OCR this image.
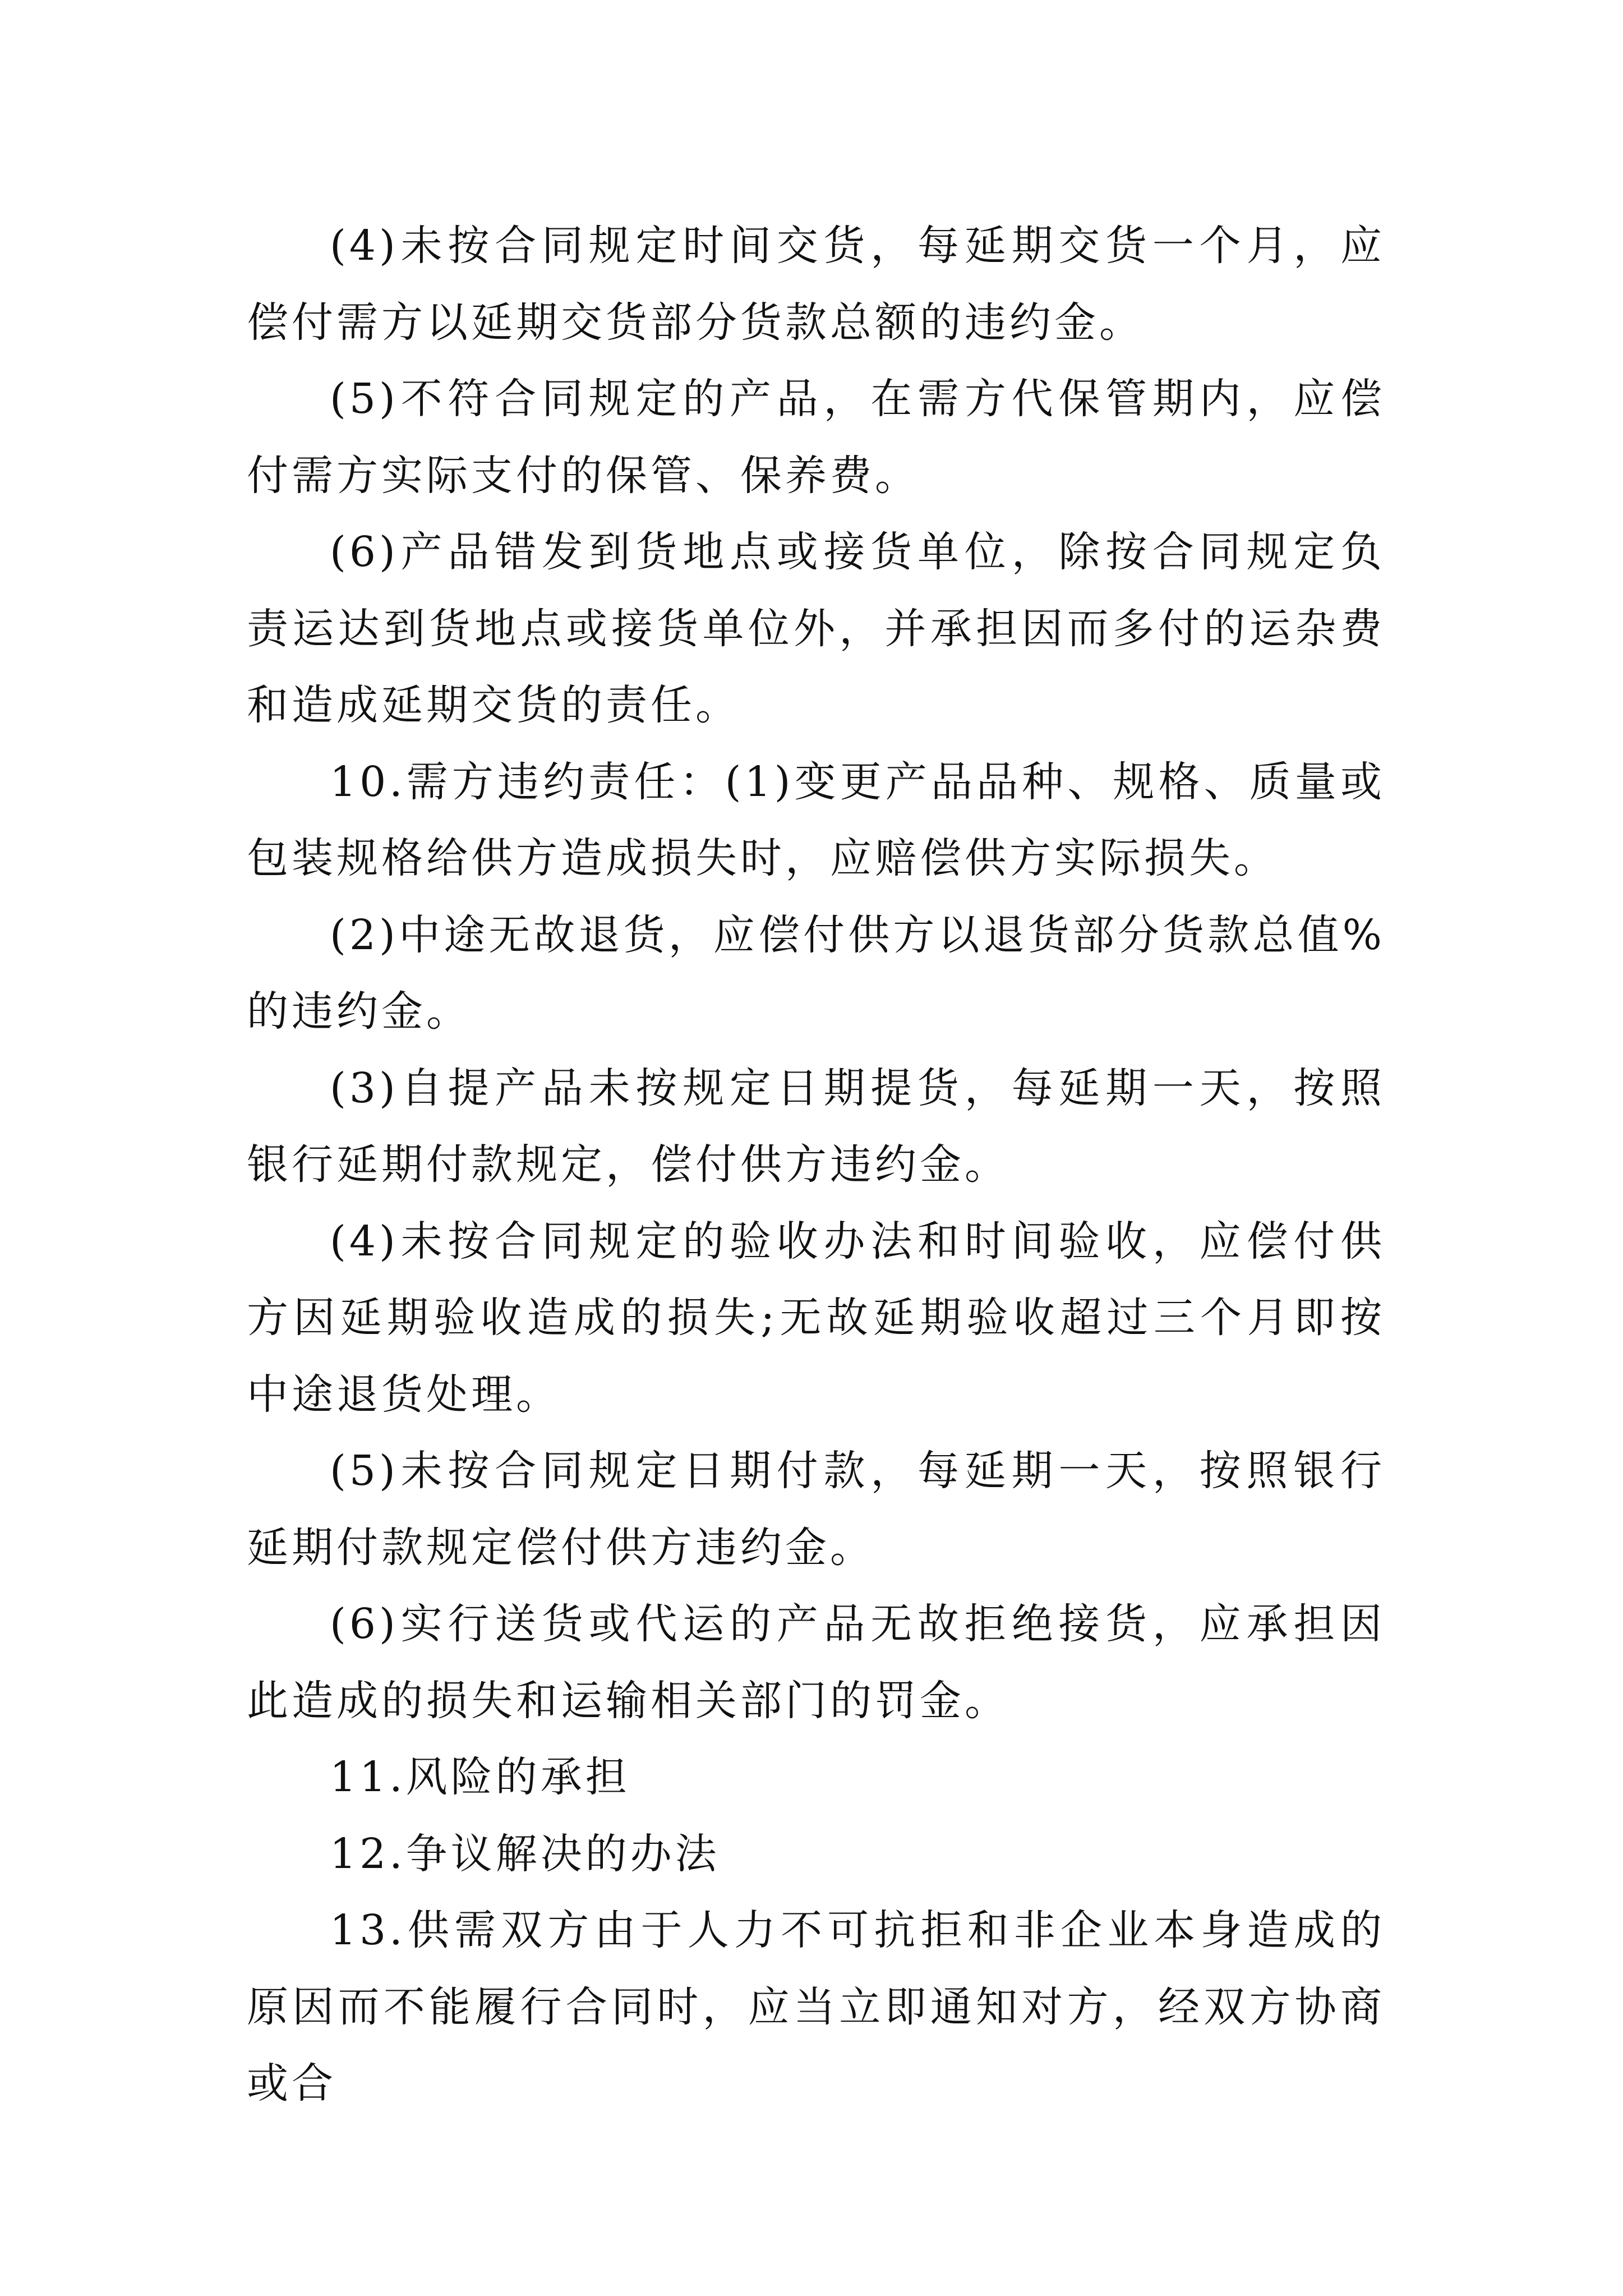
(4)未按合同规定时间交货，每延期交货一个月，应偿付需方以延期交货部分货款总额的违约金。

(5)不符合同规定的产品，在需方代保管期内，应偿付需方实际支付的保管、保养费。

(6)产品错发到货地点或接货单位，除按合同规定负责运达到货地点或接货单位外，并承担因而多付的运杂费和造成延期交货的责任。

10.需方违约责任：(1)变更产品品种、规格、质量或包装规格给供方造成损失时，应赔偿供方实际损失。

(2)中途无故退货，应偿付供方以退货部分货款总值%的违约金。

(3)自提产品未按规定日期提货，每延期一天，按照银行延期付款规定，偿付供方违约金。

(4)未按合同规定的验收办法和时间验收，应偿付供方因延期验收造成的损失;无故延期验收超过三个月即按中途退货处理。

(5)未按合同规定日期付款，每延期一天，按照银行延期付款规定偿付供方违约金。

(6)实行送货或代运的产品无故拒绝接货，应承担因此造成的损失和运输相关部门的罚金。

11.风险的承担

12.争议解决的办法

13.供需双方由于人力不可抗拒和非企业本身造成的原因而不能履行合同时，应当立即通知对方，经双方协商或合
